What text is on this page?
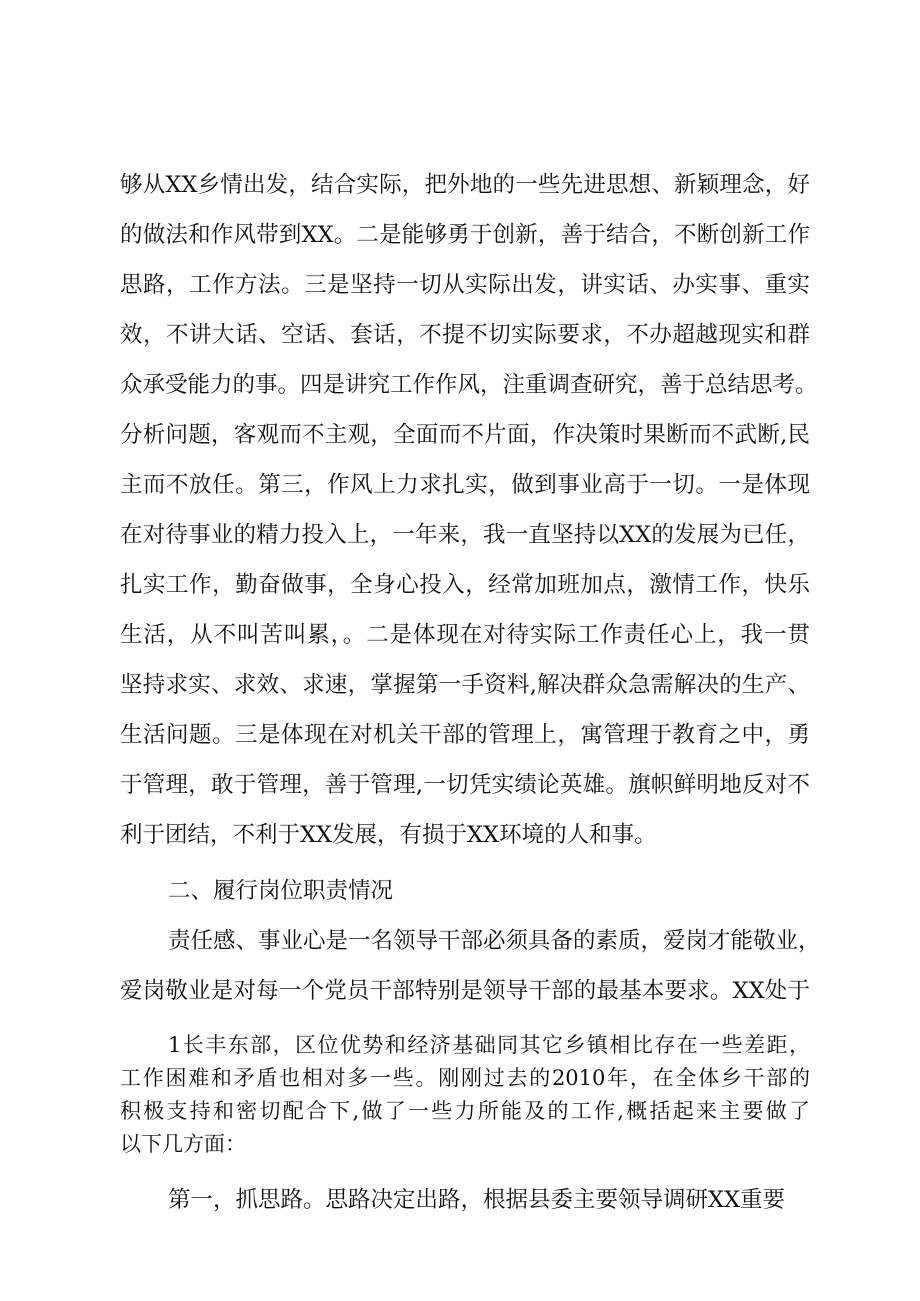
够从XX乡情出发，结合实际，把外地的一些先进思想、新颖理念，好

的做法和作风带到XX。二是能够勇于创新，善于结合，不断创新工作

思路，工作方法。三是坚持一切从实际出发，讲实话、办实事、重实

效，不讲大话、空话、套话，不提不切实际要求，不办超越现实和群

众承受能力的事。四是讲究工作作风，注重调查研究，善于总结思考。

分析问题，客观而不主观，全面而不片面，作决策时果断而不武断,民

主而不放任。第三，作风上力求扎实，做到事业高于一切。一是体现

在对待事业的精力投入上，一年来，我一直坚持以XX的发展为已任，

扎实工作，勤奋做事，全身心投入，经常加班加点，激情工作，快乐

生活，从不叫苦叫累，。二是体现在对待实际工作责任心上，我一贯

坚持求实、求效、求速，掌握第一手资料,解决群众急需解决的生产、

生活问题。三是体现在对机关干部的管理上，寓管理于教育之中，勇

于管理，敢于管理，善于管理,一切凭实绩论英雄。旗帜鲜明地反对不

利于团结，不利于XX发展，有损于XX环境的人和事。

二、履行岗位职责情况

责任感、事业心是一名领导干部必须具备的素质，爱岗才能敬业，

爱岗敬业是对每一个党员干部特别是领导干部的最基本要求。XX处于

1长丰东部，区位优势和经济基础同其它乡镇相比存在一些差距，

工作困难和矛盾也相对多一些。刚刚过去的2010年，在全体乡干部的

积极支持和密切配合下,做了一些力所能及的工作,概括起来主要做了

以下几方面：

第一，抓思路。思路决定出路，根据县委主要领导调研XX重要
